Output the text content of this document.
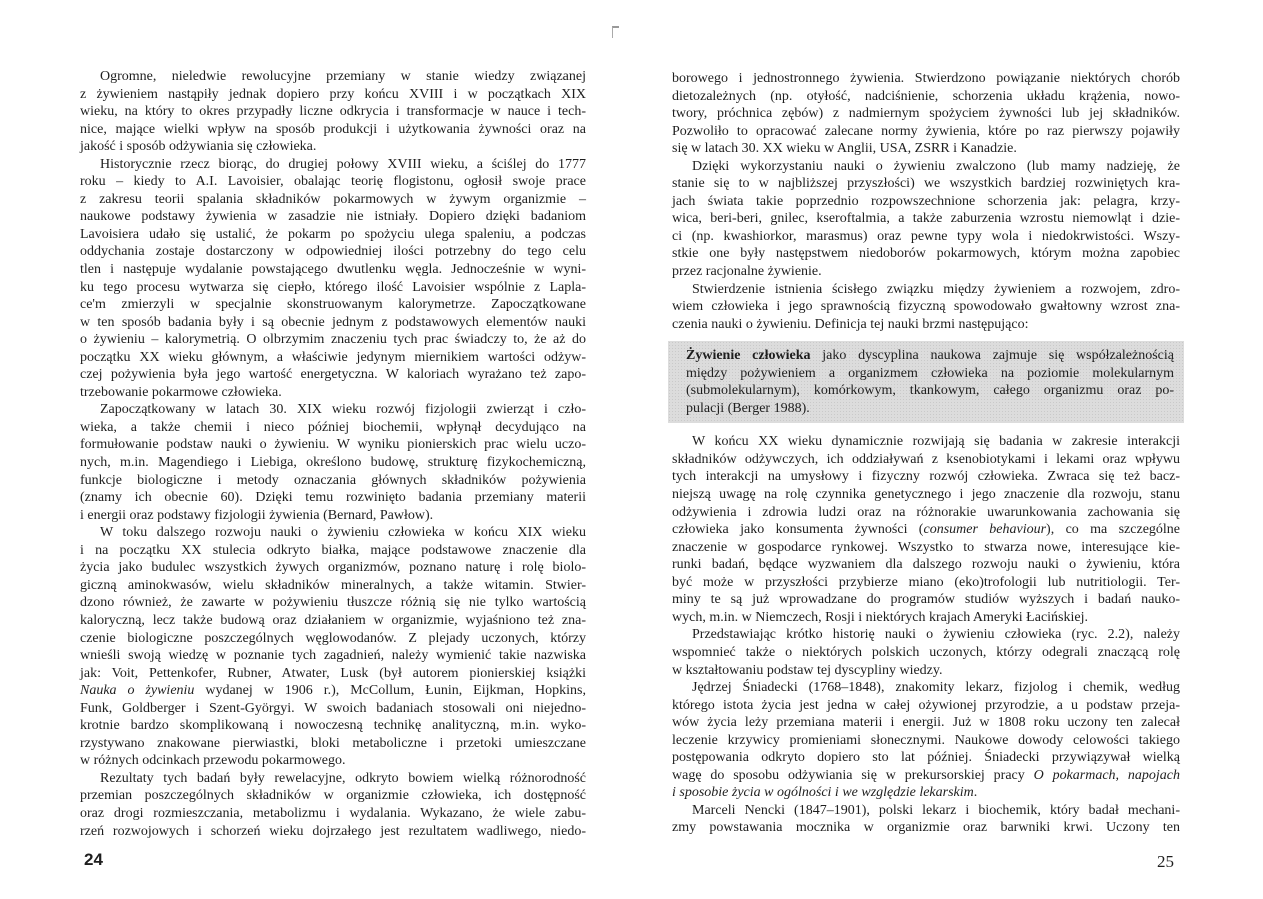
Ogromne, nieledwie rewolucyjne przemiany w stanie wiedzy związanej
z żywieniem nastąpiły jednak dopiero przy końcu XVIII i w początkach XIX
wieku, na który to okres przypadły liczne odkrycia i transformacje w nauce i tech-
nice, mające wielki wpływ na sposób produkcji i użytkowania żywności oraz na
jakość i sposób odżywiania się człowieka.
Historycznie rzecz biorąc, do drugiej połowy XVIII wieku, a ściślej do 1777
roku – kiedy to A.I. Lavoisier, obalając teorię flogistonu, ogłosił swoje prace
z zakresu teorii spalania składników pokarmowych w żywym organizmie –
naukowe podstawy żywienia w zasadzie nie istniały. Dopiero dzięki badaniom
Lavoisiera udało się ustalić, że pokarm po spożyciu ulega spaleniu, a podczas
oddychania zostaje dostarczony w odpowiedniej ilości potrzebny do tego celu
tlen i następuje wydalanie powstającego dwutlenku węgla. Jednocześnie w wyni-
ku tego procesu wytwarza się ciepło, którego ilość Lavoisier wspólnie z Lapla-
ce'm zmierzyli w specjalnie skonstruowanym kalorymetrze. Zapoczątkowane
w ten sposób badania były i są obecnie jednym z podstawowych elementów nauki
o żywieniu – kalorymetrią. O olbrzymim znaczeniu tych prac świadczy to, że aż do
początku XX wieku głównym, a właściwie jedynym miernikiem wartości odżyw-
czej pożywienia była jego wartość energetyczna. W kaloriach wyrażano też zapo-
trzebowanie pokarmowe człowieka.
Zapoczątkowany w latach 30. XIX wieku rozwój fizjologii zwierząt i czło-
wieka, a także chemii i nieco później biochemii, wpłynął decydująco na
formułowanie podstaw nauki o żywieniu. W wyniku pionierskich prac wielu uczo-
nych, m.in. Magendiego i Liebiga, określono budowę, strukturę fizykochemiczną,
funkcje biologiczne i metody oznaczania głównych składników pożywienia
(znamy ich obecnie 60). Dzięki temu rozwinięto badania przemiany materii
i energii oraz podstawy fizjologii żywienia (Bernard, Pawłow).
W toku dalszego rozwoju nauki o żywieniu człowieka w końcu XIX wieku
i na początku XX stulecia odkryto białka, mające podstawowe znaczenie dla
życia jako budulec wszystkich żywych organizmów, poznano naturę i rolę biolo-
giczną aminokwasów, wielu składników mineralnych, a także witamin. Stwier-
dzono również, że zawarte w pożywieniu tłuszcze różnią się nie tylko wartością
kaloryczną, lecz także budową oraz działaniem w organizmie, wyjaśniono też zna-
czenie biologiczne poszczególnych węglowodanów. Z plejady uczonych, którzy
wnieśli swoją wiedzę w poznanie tych zagadnień, należy wymienić takie nazwiska
jak: Voit, Pettenkofer, Rubner, Atwater, Lusk (był autorem pionierskiej książki
Nauka o żywieniu wydanej w 1906 r.), McCollum, Łunin, Eijkman, Hopkins,
Funk, Goldberger i Szent-Györgyi. W swoich badaniach stosowali oni niejedno-
krotnie bardzo skomplikowaną i nowoczesną technikę analityczną, m.in. wyko-
rzystywano znakowane pierwiastki, bloki metaboliczne i przetoki umieszczane
w różnych odcinkach przewodu pokarmowego.
Rezultaty tych badań były rewelacyjne, odkryto bowiem wielką różnorodność
przemian poszczególnych składników w organizmie człowieka, ich dostępność
oraz drogi rozmieszczania, metabolizmu i wydalania. Wykazano, że wiele zabu-
rzeń rozwojowych i schorzeń wieku dojrzałego jest rezultatem wadliwego, niedo-
borowego i jednostronnego żywienia. Stwierdzono powiązanie niektórych chorób
dietozależnych (np. otyłość, nadciśnienie, schorzenia układu krążenia, nowo-
twory, próchnica zębów) z nadmiernym spożyciem żywności lub jej składników.
Pozwoliło to opracować zalecane normy żywienia, które po raz pierwszy pojawiły
się w latach 30. XX wieku w Anglii, USA, ZSRR i Kanadzie.
Dzięki wykorzystaniu nauki o żywieniu zwalczono (lub mamy nadzieję, że
stanie się to w najbliższej przyszłości) we wszystkich bardziej rozwiniętych kra-
jach świata takie poprzednio rozpowszechnione schorzenia jak: pelagra, krzy-
wica, beri-beri, gnilec, kseroftalmia, a także zaburzenia wzrostu niemowląt i dzie-
ci (np. kwashiorkor, marasmus) oraz pewne typy wola i niedokrwistości. Wszy-
stkie one były następstwem niedoborów pokarmowych, którym można zapobiec
przez racjonalne żywienie.
Stwierdzenie istnienia ścisłego związku między żywieniem a rozwojem, zdro-
wiem człowieka i jego sprawnością fizyczną spowodowało gwałtowny wzrost zna-
czenia nauki o żywieniu. Definicja tej nauki brzmi następująco:
Żywienie człowieka jako dyscyplina naukowa zajmuje się współzależnością
między pożywieniem a organizmem człowieka na poziomie molekularnym
(submolekularnym), komórkowym, tkankowym, całego organizmu oraz po-
pulacji (Berger 1988).
W końcu XX wieku dynamicznie rozwijają się badania w zakresie interakcji
składników odżywczych, ich oddziaływań z ksenobiotykami i lekami oraz wpływu
tych interakcji na umysłowy i fizyczny rozwój człowieka. Zwraca się też bacz-
niejszą uwagę na rolę czynnika genetycznego i jego znaczenie dla rozwoju, stanu
odżywienia i zdrowia ludzi oraz na różnorakie uwarunkowania zachowania się
człowieka jako konsumenta żywności (consumer behaviour), co ma szczególne
znaczenie w gospodarce rynkowej. Wszystko to stwarza nowe, interesujące kie-
runki badań, będące wyzwaniem dla dalszego rozwoju nauki o żywieniu, która
być może w przyszłości przybierze miano (eko)trofologii lub nutritiologii. Ter-
miny te są już wprowadzane do programów studiów wyższych i badań nauko-
wych, m.in. w Niemczech, Rosji i niektórych krajach Ameryki Łacińskiej.
Przedstawiając krótko historię nauki o żywieniu człowieka (ryc. 2.2), należy
wspomnieć także o niektórych polskich uczonych, którzy odegrali znaczącą rolę
w kształtowaniu podstaw tej dyscypliny wiedzy.
Jędrzej Śniadecki (1768–1848), znakomity lekarz, fizjolog i chemik, według
którego istota życia jest jedna w całej ożywionej przyrodzie, a u podstaw przeja-
wów życia leży przemiana materii i energii. Już w 1808 roku uczony ten zalecał
leczenie krzywicy promieniami słonecznymi. Naukowe dowody celowości takiego
postępowania odkryto dopiero sto lat później. Śniadecki przywiązywał wielką
wagę do sposobu odżywiania się w prekursorskiej pracy O pokarmach, napojach
i sposobie życia w ogólności i we względzie lekarskim.
Marceli Nencki (1847–1901), polski lekarz i biochemik, który badał mechani-
zmy powstawania mocznika w organizmie oraz barwniki krwi. Uczony ten
24	25
